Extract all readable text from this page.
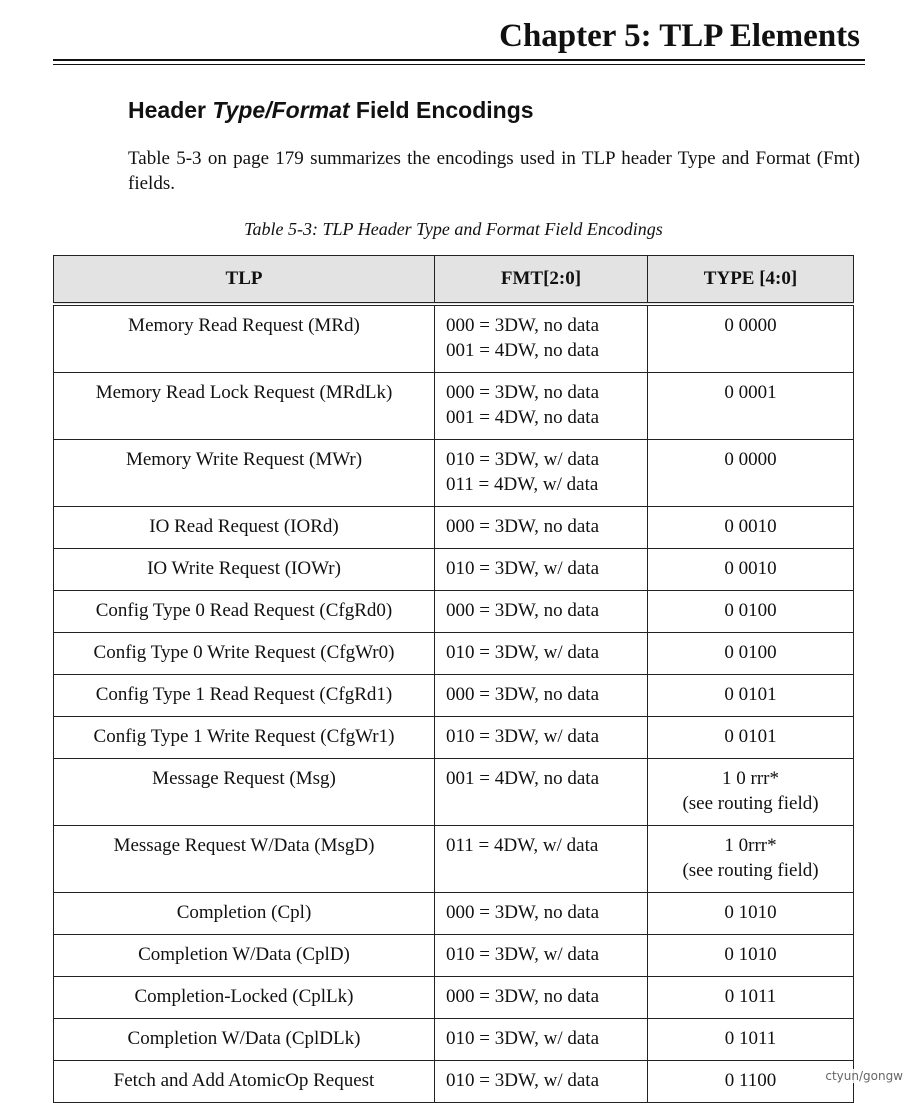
Chapter 5: TLP Elements
Header Type/Format Field Encodings

Table 5-3 on page 179 summarizes the encodings used in TLP header Type and Format (Fmt) fields.

Table 5-3: TLP Header Type and Format Field Encodings
TLP	FMT[2:0]	TYPE [4:0]

Memory Read Request (MRd)	000 = 3DW, no data
001 = 4DW, no data	0 0000

Memory Read Lock Request (MRdLk)	000 = 3DW, no data
001 = 4DW, no data	0 0001

Memory Write Request (MWr)	010 = 3DW, w/ data
011 = 4DW, w/ data	0 0000

IO Read Request (IORd)	000 = 3DW, no data	0 0010

IO Write Request (IOWr)	010 = 3DW, w/ data	0 0010

Config Type 0 Read Request (CfgRd0)	000 = 3DW, no data	0 0100

Config Type 0 Write Request (CfgWr0)	010 = 3DW, w/ data	0 0100

Config Type 1 Read Request (CfgRd1)	000 = 3DW, no data	0 0101

Config Type 1 Write Request (CfgWr1)	010 = 3DW, w/ data	0 0101

Message Request (Msg)	001 = 4DW, no data	1 0 rrr*
(see routing field)

Message Request W/Data (MsgD)	011 = 4DW, w/ data	1 0rrr*
(see routing field)

Completion (Cpl)	000 = 3DW, no data	0 1010

Completion W/Data (CplD)	010 = 3DW, w/ data	0 1010

Completion-Locked (CplLk)	000 = 3DW, no data	0 1011

Completion W/Data (CplDLk)	010 = 3DW, w/ data	0 1011

Fetch and Add AtomicOp Request	010 = 3DW, w/ data	0 1100	ctyun/gongw
